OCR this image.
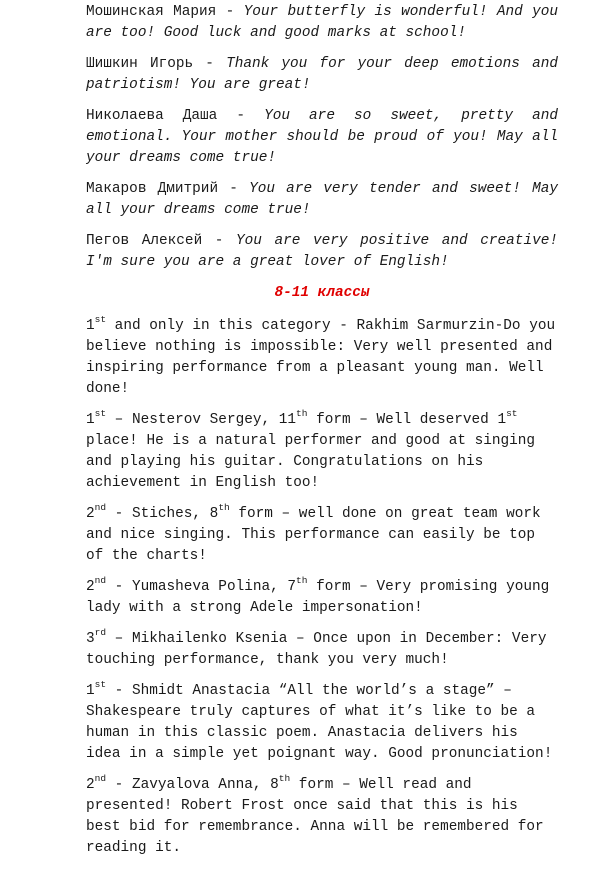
Мошинская Мария - Your butterfly is wonderful! And you are too! Good luck and good marks at school!

Шишкин Игорь - Thank you for your deep emotions and patriotism! You are great!

Николаева Даша - You are so sweet, pretty and emotional. Your mother should be proud of you! May all your dreams come true!

Макаров Дмитрий - You are very tender and sweet! May all your dreams come true!

Пегов Алексей - You are very positive and creative! I'm sure you are a great lover of English!

8-11 классы

1st and only in this category - Rakhim Sarmurzin-Do you believe nothing is impossible: Very well presented and inspiring performance from a pleasant young man. Well done!

1st – Nesterov Sergey, 11th form – Well deserved 1st place! He is a natural performer and good at singing and playing his guitar. Congratulations on his achievement in English too!

2nd - Stiches, 8th form – well done on great team work and nice singing. This performance can easily be top of the charts!

2nd - Yumasheva Polina, 7th form – Very promising young lady with a strong Adele impersonation!

3rd – Mikhailenko Ksenia – Once upon in December: Very touching performance, thank you very much!

1st - Shmidt Anastacia “All the world’s a stage” – Shakespeare truly captures of what it’s like to be a human in this classic poem. Anastacia delivers his idea in a simple yet poignant way. Good pronunciation!

2nd - Zavyalova Anna, 8th form – Well read and presented! Robert Frost once said that this is his best bid for remembrance. Anna will be remembered for reading it.
